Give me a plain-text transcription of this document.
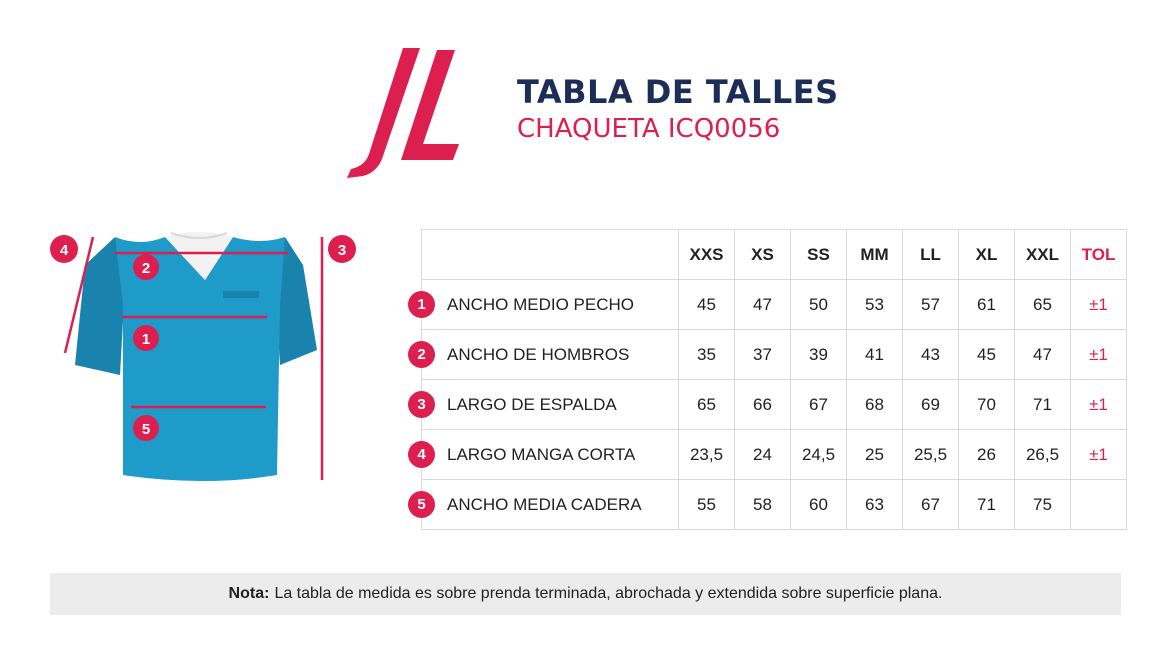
TABLA DE TALLES
CHAQUETA ICQ0056
2
1
5
4	3
		XXS	XS	SS	MM	LL	XL	XXL	TOL

1 ANCHO MEDIO PECHO	45	47	50	53	57	61	65	±1

2 ANCHO DE HOMBROS	35	37	39	41	43	45	47	±1

3 LARGO DE ESPALDA	65	66	67	68	69	70	71	±1

4 LARGO MANGA CORTA	23,5	24	24,5	25	25,5	26	26,5	±1

5 ANCHO MEDIA CADERA	55	58	60	63	67	71	75	
Nota: La tabla de medida es sobre prenda terminada, abrochada y extendida sobre superficie plana.
